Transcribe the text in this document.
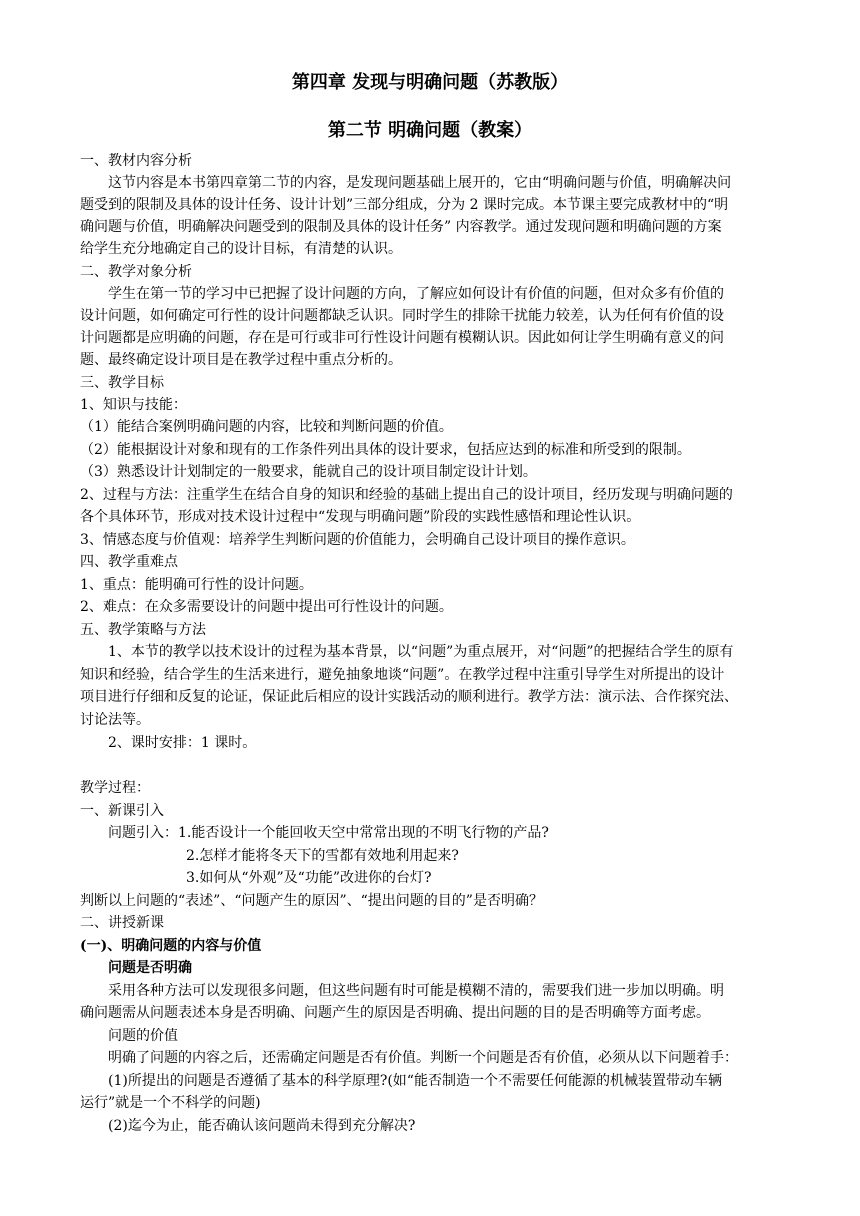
第四章 发现与明确问题（苏教版）
第二节 明确问题（教案）
一、教材内容分析
这节内容是本书第四章第二节的内容，是发现问题基础上展开的，它由“明确问题与价值，明确解决问
题受到的限制及具体的设计任务、设计计划”三部分组成，分为 2 课时完成。本节课主要完成教材中的“明
确问题与价值，明确解决问题受到的限制及具体的设计任务” 内容教学。通过发现问题和明确问题的方案
给学生充分地确定自己的设计目标，有清楚的认识。
二、教学对象分析
学生在第一节的学习中已把握了设计问题的方向，了解应如何设计有价值的问题，但对众多有价值的
设计问题，如何确定可行性的设计问题都缺乏认识。同时学生的排除干扰能力较差，认为任何有价值的设
计问题都是应明确的问题，存在是可行或非可行性设计问题有模糊认识。因此如何让学生明确有意义的问
题、最终确定设计项目是在教学过程中重点分析的。
三、教学目标
1、知识与技能：
（1）能结合案例明确问题的内容，比较和判断问题的价值。
（2）能根据设计对象和现有的工作条件列出具体的设计要求，包括应达到的标准和所受到的限制。
（3）熟悉设计计划制定的一般要求，能就自己的设计项目制定设计计划。
2、过程与方法：注重学生在结合自身的知识和经验的基础上提出自己的设计项目，经历发现与明确问题的
各个具体环节，形成对技术设计过程中“发现与明确问题”阶段的实践性感悟和理论性认识。
3、情感态度与价值观：培养学生判断问题的价值能力，会明确自己设计项目的操作意识。
四、教学重难点
1、重点：能明确可行性的设计问题。
2、难点：在众多需要设计的问题中提出可行性设计的问题。
五、教学策略与方法
1、本节的教学以技术设计的过程为基本背景，以“问题”为重点展开，对“问题”的把握结合学生的原有
知识和经验，结合学生的生活来进行，避免抽象地谈“问题”。在教学过程中注重引导学生对所提出的设计
项目进行仔细和反复的论证，保证此后相应的设计实践活动的顺利进行。教学方法：演示法、合作探究法、
讨论法等。
2、课时安排：1 课时。
教学过程：
一、新课引入
问题引入：1.能否设计一个能回收天空中常常出现的不明飞行物的产品?
2.怎样才能将冬天下的雪都有效地利用起来?
3.如何从“外观”及“功能”改进你的台灯?
判断以上问题的“表述”、“问题产生的原因”、“提出问题的目的”是否明确？
二、讲授新课
(一)、明确问题的内容与价值
问题是否明确
采用各种方法可以发现很多问题，但这些问题有时可能是模糊不清的，需要我们进一步加以明确。明
确问题需从问题表述本身是否明确、问题产生的原因是否明确、提出问题的目的是否明确等方面考虑。
问题的价值
明确了问题的内容之后，还需确定问题是否有价值。判断一个问题是否有价值，必须从以下问题着手：
(1)所提出的问题是否遵循了基本的科学原理?(如“能否制造一个不需要任何能源的机械装置带动车辆
运行”就是一个不科学的问题)
(2)迄今为止，能否确认该问题尚未得到充分解决?
